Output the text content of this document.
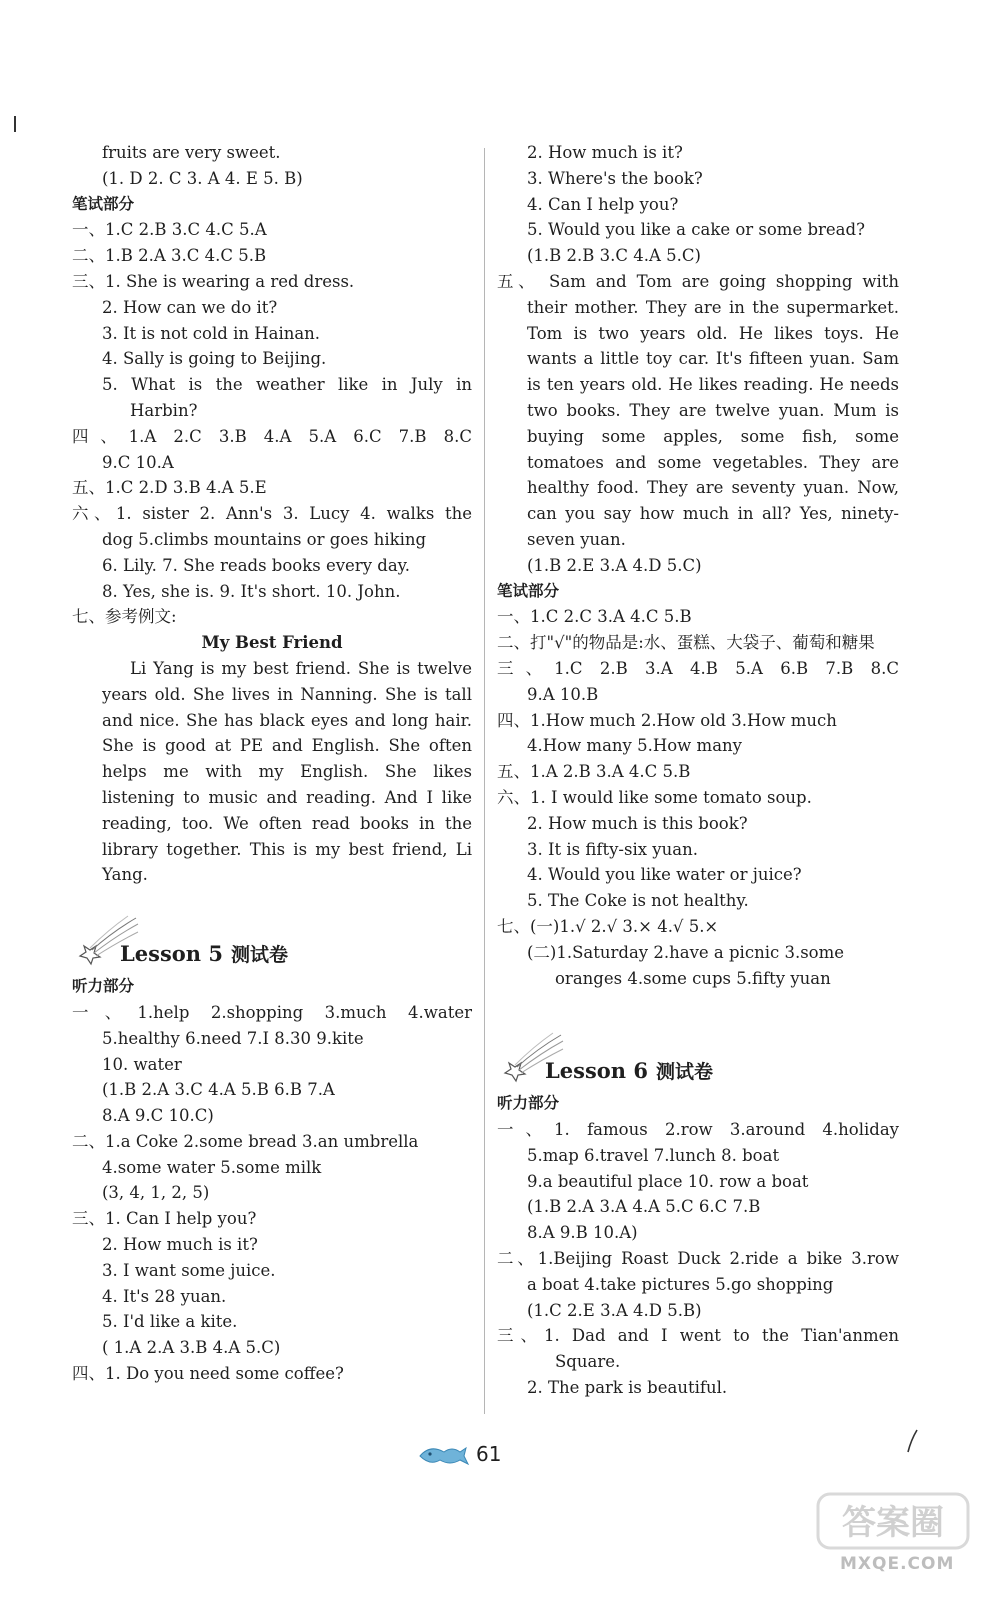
fruits are very sweet.
(1. D 2. C 3. A 4. E 5. B)
笔试部分
一、1.C 2.B 3.C 4.C 5.A
二、1.B 2.A 3.C 4.C 5.B
三、1. She is wearing a red dress.
2. How can we do it?
3. It is not cold in Hainan.
4. Sally is going to Beijing.
5. What is the weather like in July in
Harbin?
四、1.A 2.C 3.B 4.A 5.A 6.C 7.B 8.C
9.C 10.A
五、1.C 2.D 3.B 4.A 5.E
六、1. sister 2. Ann's 3. Lucy 4. walks the
dog 5.climbs mountains or goes hiking
6. Lily. 7. She reads books every day.
8. Yes, she is. 9. It's short. 10. John.
七、参考例文:
My Best Friend
Li Yang is my best friend. She is twelve
years old. She lives in Nanning. She is tall
and nice. She has black eyes and long hair.
She is good at PE and English. She often
helps me with my English. She likes
listening to music and reading. And I like
reading, too. We often read books in the
library together. This is my best friend, Li
Yang.
Lesson 5 测试卷
听力部分
一、1.help 2.shopping 3.much 4.water
5.healthy 6.need 7.I 8.30 9.kite
10. water
(1.B 2.A 3.C 4.A 5.B 6.B 7.A
8.A 9.C 10.C)
二、1.a Coke 2.some bread 3.an umbrella
4.some water 5.some milk
(3, 4, 1, 2, 5)
三、1. Can I help you?
2. How much is it?
3. I want some juice.
4. It's 28 yuan.
5. I'd like a kite.
( 1.A 2.A 3.B 4.A 5.C)
四、1. Do you need some coffee?
2. How much is it?
3. Where's the book?
4. Can I help you?
5. Would you like a cake or some bread?
(1.B 2.B 3.C 4.A 5.C)
五、 Sam and Tom are going shopping with
their mother. They are in the supermarket.
Tom is two years old. He likes toys. He
wants a little toy car. It's fifteen yuan. Sam
is ten years old. He likes reading. He needs
two books. They are twelve yuan. Mum is
buying some apples, some fish, some
tomatoes and some vegetables. They are
healthy food. They are seventy yuan. Now,
can you say how much in all? Yes, ninety-
seven yuan.
(1.B 2.E 3.A 4.D 5.C)
笔试部分
一、1.C 2.C 3.A 4.C 5.B
二、打"√"的物品是:水、蛋糕、大袋子、葡萄和糖果
三、1.C 2.B 3.A 4.B 5.A 6.B 7.B 8.C
9.A 10.B
四、1.How much 2.How old 3.How much
4.How many 5.How many
五、1.A 2.B 3.A 4.C 5.B
六、1. I would like some tomato soup.
2. How much is this book?
3. It is fifty-six yuan.
4. Would you like water or juice?
5. The Coke is not healthy.
七、(一)1.√ 2.√ 3.× 4.√ 5.×
(二)1.Saturday 2.have a picnic 3.some
oranges 4.some cups 5.fifty yuan
Lesson 6 测试卷
听力部分
一、1. famous 2.row 3.around 4.holiday
5.map 6.travel 7.lunch 8. boat
9.a beautiful place 10. row a boat
(1.B 2.A 3.A 4.A 5.C 6.C 7.B
8.A 9.B 10.A)
二、1.Beijing Roast Duck 2.ride a bike 3.row
a boat 4.take pictures 5.go shopping
(1.C 2.E 3.A 4.D 5.B)
三、1. Dad and I went to the Tian'anmen
Square.
2. The park is beautiful.
61
答案圈
MXQE.COM
